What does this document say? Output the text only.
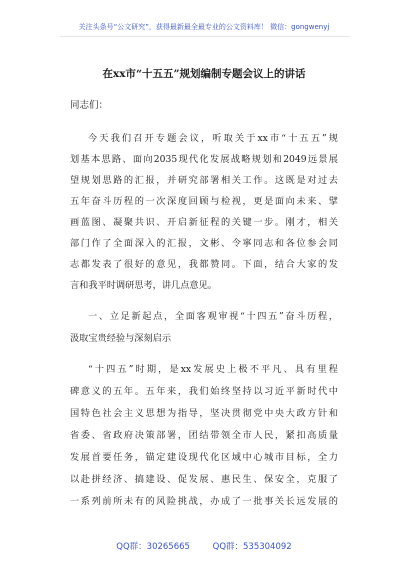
关注头条号“公文研究”，获得最新最全最专业的公文资料库！ 微信：gongwenyj
在xx市“十五五”规划编制专题会议上的讲话
同志们：
今天我们召开专题会议，听取关于xx市“十五五”规
划基本思路、面向2035现代化发展战略规划和2049远景展
望规划思路的汇报，并研究部署相关工作。这既是对过去
五年奋斗历程的一次深度回顾与检视，更是面向未来、擘
画蓝图、凝聚共识、开启新征程的关键一步。刚才，相关
部门作了全面深入的汇报，文彬、令寧同志和各位参会同
志都发表了很好的意见，我都赞同。下面，结合大家的发
言和我平时调研思考，讲几点意见。
一、立足新起点，全面客观审视“十四五”奋斗历程，
汲取宝贵经验与深刻启示
“十四五”时期，是xx发展史上极不平凡、具有里程
碑意义的五年。五年来，我们始终坚持以习近平新时代中
国特色社会主义思想为指导，坚决贯彻党中央大政方针和
省委、省政府决策部署，团结带领全市人民，紧扣高质量
发展首要任务，锚定建设现代化区域中心城市目标，全力
以赴拼经济、搞建设、促发展、惠民生、保安全，克服了
一系列前所未有的风险挑战，办成了一批事关长远发展的
QQ群：30265665	QQ群：535304092
